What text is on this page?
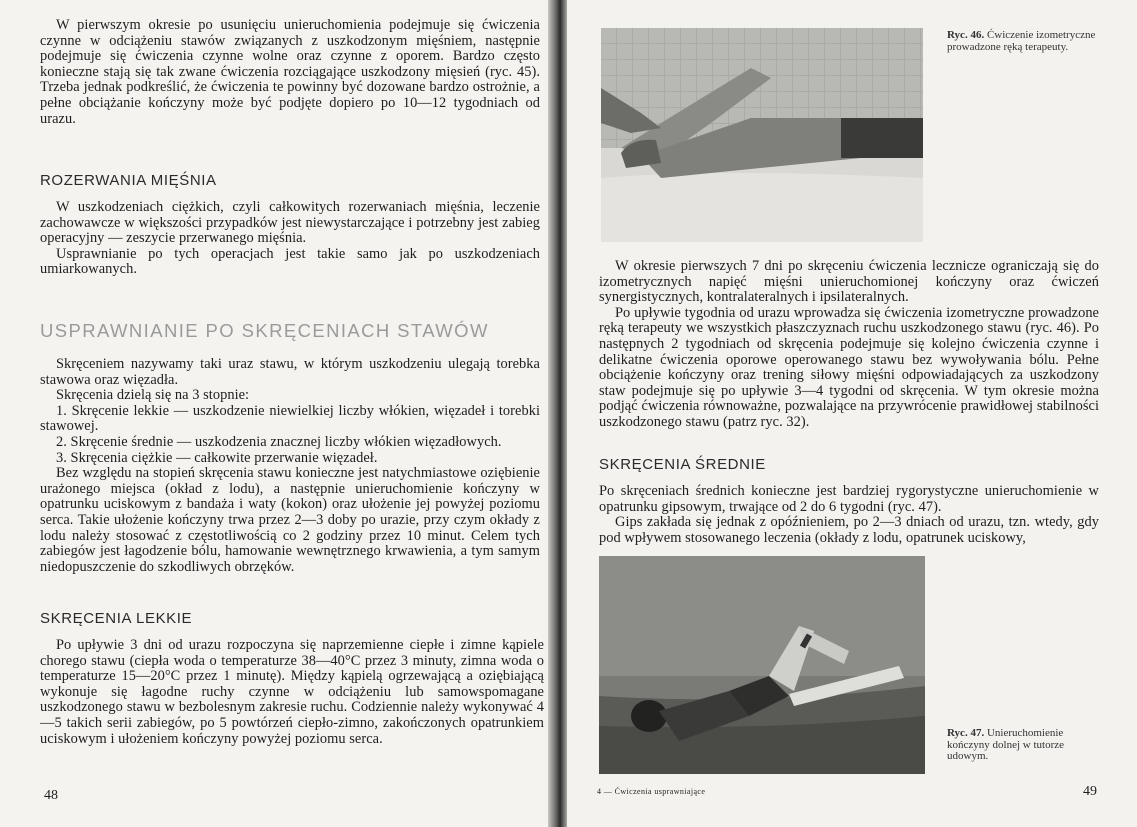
W pierwszym okresie po usunięciu unieruchomienia podejmuje się ćwiczenia czynne w odciążeniu stawów związanych z uszkodzonym mięśniem, następnie podejmuje się ćwiczenia czynne wolne oraz czynne z oporem. Bardzo często konieczne stają się tak zwane ćwiczenia rozciągające uszkodzony mięsień (ryc. 45). Trzeba jednak podkreślić, że ćwiczenia te powinny być dozowane bardzo ostrożnie, a pełne obciążanie kończyny może być podjęte dopiero po 10—12 tygodniach od urazu.
ROZERWANIA MIĘŚNIA

W uszkodzeniach ciężkich, czyli całkowitych rozerwaniach mięśnia, leczenie zachowawcze w większości przypadków jest niewystarczające i potrzebny jest zabieg operacyjny — zeszycie przerwanego mięśnia.

Usprawnianie po tych operacjach jest takie samo jak po uszkodzeniach umiarkowanych.

USPRAWNIANIE PO SKRĘCENIACH STAWÓW

Skręceniem nazywamy taki uraz stawu, w którym uszkodzeniu ulegają torebka stawowa oraz więzadła.

Skręcenia dzielą się na 3 stopnie:

1. Skręcenie lekkie — uszkodzenie niewielkiej liczby włókien, więzadeł i torebki stawowej.

2. Skręcenie średnie — uszkodzenia znacznej liczby włókien więzadłowych.

3. Skręcenia ciężkie — całkowite przerwanie więzadeł.

Bez względu na stopień skręcenia stawu konieczne jest natychmiastowe oziębienie urażonego miejsca (okład z lodu), a następnie unieruchomienie kończyny w opatrunku uciskowym z bandaża i waty (kokon) oraz ułożenie jej powyżej poziomu serca. Takie ułożenie kończyny trwa przez 2—3 doby po urazie, przy czym okłady z lodu należy stosować z częstotliwością co 2 godziny przez 10 minut. Celem tych zabiegów jest łagodzenie bólu, hamowanie wewnętrznego krwawienia, a tym samym niedopuszczenie do szkodliwych obrzęków.

SKRĘCENIA LEKKIE
Po upływie 3 dni od urazu rozpoczyna się naprzemienne ciepłe i zimne kąpiele chorego stawu (ciepła woda o temperaturze 38—40°C przez 3 minuty, zimna woda o temperaturze 15—20°C przez 1 minutę). Między kąpielą ogrzewającą a oziębiającą wykonuje się łagodne ruchy czynne w odciążeniu lub samowspomagane uszkodzonego stawu w bezbolesnym zakresie ruchu. Codziennie należy wykonywać 4—5 takich serii zabiegów, po 5 powtórzeń ciepło-zimno, zakończonych opatrunkiem uciskowym i ułożeniem kończyny powyżej poziomu serca.
48
Ryc. 46. Ćwiczenie izometryczne prowadzone ręką terapeuty.

W okresie pierwszych 7 dni po skręceniu ćwiczenia lecznicze ograniczają się do izometrycznych napięć mięśni unieruchomionej kończyny oraz ćwiczeń synergistycznych, kontralateralnych i ipsilateralnych.

Po upływie tygodnia od urazu wprowadza się ćwiczenia izometryczne prowadzone ręką terapeuty we wszystkich płaszczyznach ruchu uszkodzonego stawu (ryc. 46). Po następnych 2 tygodniach od skręcenia podejmuje się kolejno ćwiczenia czynne i delikatne ćwiczenia oporowe operowanego stawu bez wywoływania bólu. Pełne obciążenie kończyny oraz trening siłowy mięśni odpowiadających za uszkodzony staw podejmuje się po upływie 3—4 tygodni od skręcenia. W tym okresie można podjąć ćwiczenia równoważne, pozwalające na przywrócenie prawidłowej stabilności uszkodzonego stawu (patrz ryc. 32).

SKRĘCENIA ŚREDNIE

Po skręceniach średnich konieczne jest bardziej rygorystyczne unieruchomienie w opatrunku gipsowym, trwające od 2 do 6 tygodni (ryc. 47).

Gips zakłada się jednak z opóźnieniem, po 2—3 dniach od urazu, tzn. wtedy, gdy pod wpływem stosowanego leczenia (okłady z lodu, opatrunek uciskowy,

Ryc. 47. Unieruchomienie kończyny dolnej w tutorze udowym.
4 — Ćwiczenia usprawniające	49
